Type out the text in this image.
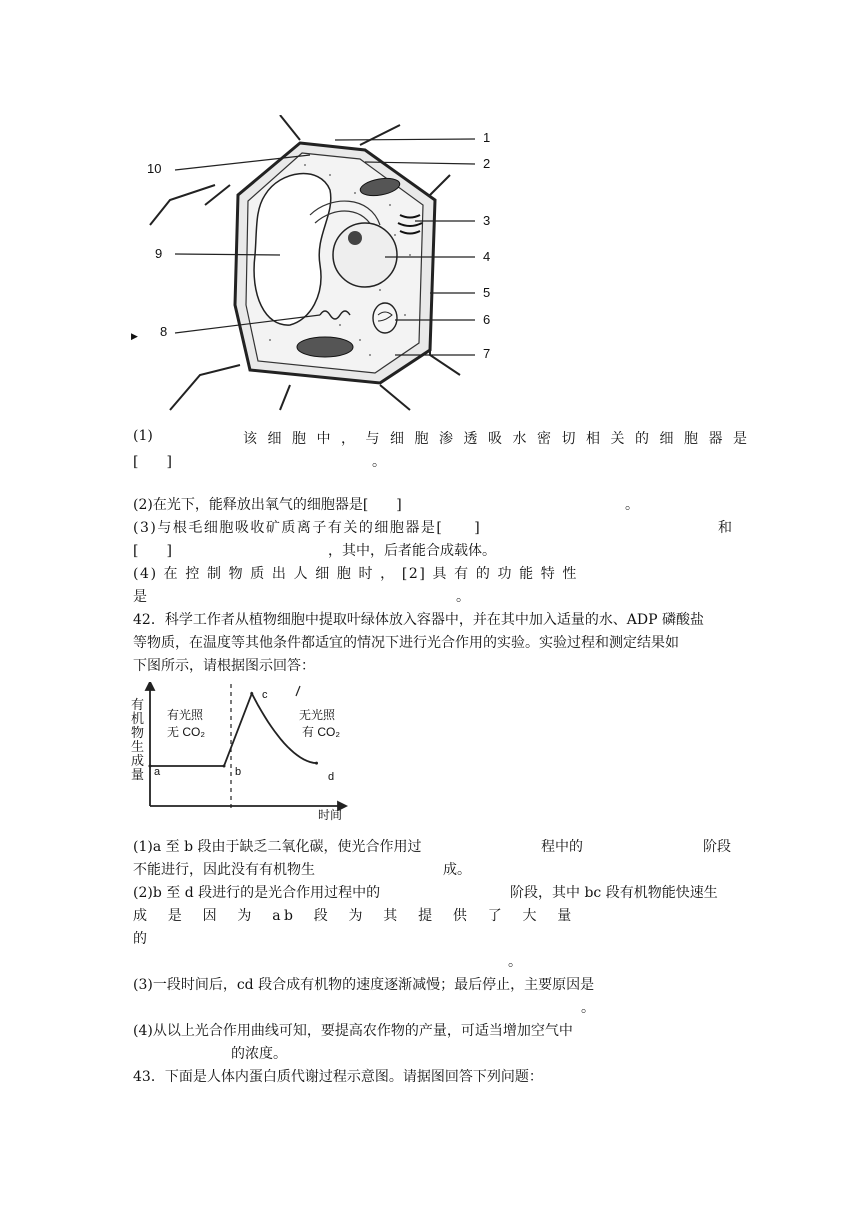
1
2
3
4
5
6
7
8
9
10
▶
(1)	该细胞中，与细胞渗透吸水密切相关的细胞器是
[　　]	。
(2)在光下，能释放出氧气的细胞器是[　　]	。
(3)与根毛细胞吸收矿质离子有关的细胞器是[　　]	和
[　　]	，其中，后者能合成载体。
(4) 在 控 制 物 质 出 人 细 胞 时 ， [2] 具 有 的 功 能 特 性
是	。
42．科学工作者从植物细胞中提取叶绿体放入容器中，并在其中加入适量的水、ADP 磷酸盐
等物质，在温度等其他条件都适宜的情况下进行光合作用的实验。实验过程和测定结果如
下图所示，请根据图示回答：
有机物生成量
时间
有光照
无 CO₂
无光照
有 CO₂
a	b
c
d
(1)a 至 b 段由于缺乏二氧化碳，使光合作用过	程中的	阶段
不能进行，因此没有有机物生	成。
(2)b 至 d 段进行的是光合作用过程中的	阶段，其中 bc 段有机物能快速生
成　是　因　为　ab　段　为　其　提　供　了　大　量
的
。
(3)一段时间后，cd 段合成有机物的速度逐渐减慢；最后停止，主要原因是
。
(4)从以上光合作用曲线可知，要提高农作物的产量，可适当增加空气中
的浓度。
43．下面是人体内蛋白质代谢过程示意图。请据图回答下列问题：
